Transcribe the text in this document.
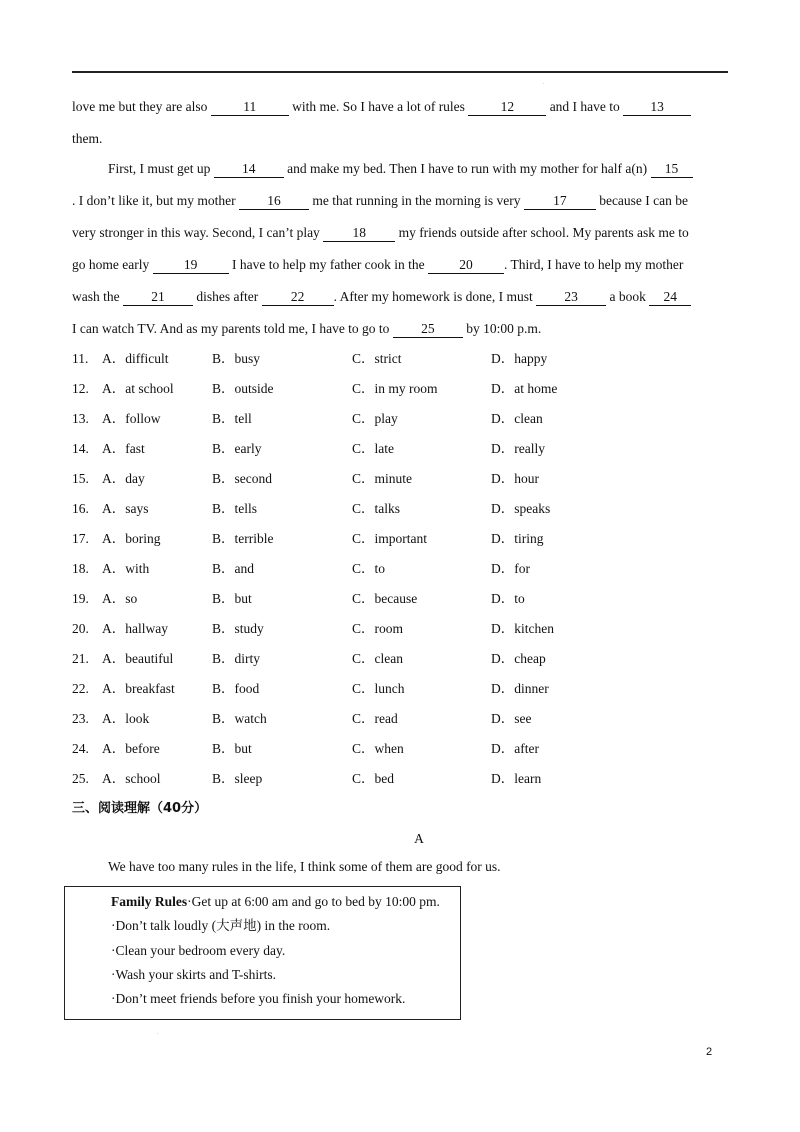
.
love me but they are also 11 with me. So I have a lot of rules 12 and I have to 13
them.
First, I must get up 14 and make my bed. Then I have to run with my mother for half a(n) 15
. I don’t like it, but my mother 16 me that running in the morning is very 17 because I can be
very stronger in this way. Second, I can’t play 18 my friends outside after school. My parents ask me to
go home early 19 I have to help my father cook in the 20 . Third, I have to help my mother
wash the 21 dishes after 22 . After my homework is done, I must 23 a book 24
I can watch TV. And as my parents told me, I have to go to 25 by 10:00 p.m.
11. A．difficult	B．busy	C．strict	D．happy
12. A．at school	B．outside	C．in my room	D．at home
13. A．follow	B．tell	C．play	D．clean
14. A．fast	B．early	C．late	D．really
15. A．day	B．second	C．minute	D．hour
16. A．says	B．tells	C．talks	D．speaks
17. A．boring	B．terrible	C．important	D．tiring
18. A．with	B．and	C．to	D．for
19. A．so	B．but	C．because	D．to
20. A．hallway	B．study	C．room	D．kitchen
21. A．beautiful	B．dirty	C．clean	D．cheap
22. A．breakfast	B．food	C．lunch	D．dinner
23. A．look	B．watch	C．read	D．see
24. A．before	B．but	C．when	D．after
25. A．school	B．sleep	C．bed	D．learn
三、阅读理解（40分）
A
We have too many rules in the life, I think some of them are good for us.
Family Rules·Get up at 6:00 am and go to bed by 10:00 pm.
·Don’t talk loudly (大声地) in the room.
·Clean your bedroom every day.
·Wash your skirts and T-shirts.
·Don’t meet friends before you finish your homework.
.
2
